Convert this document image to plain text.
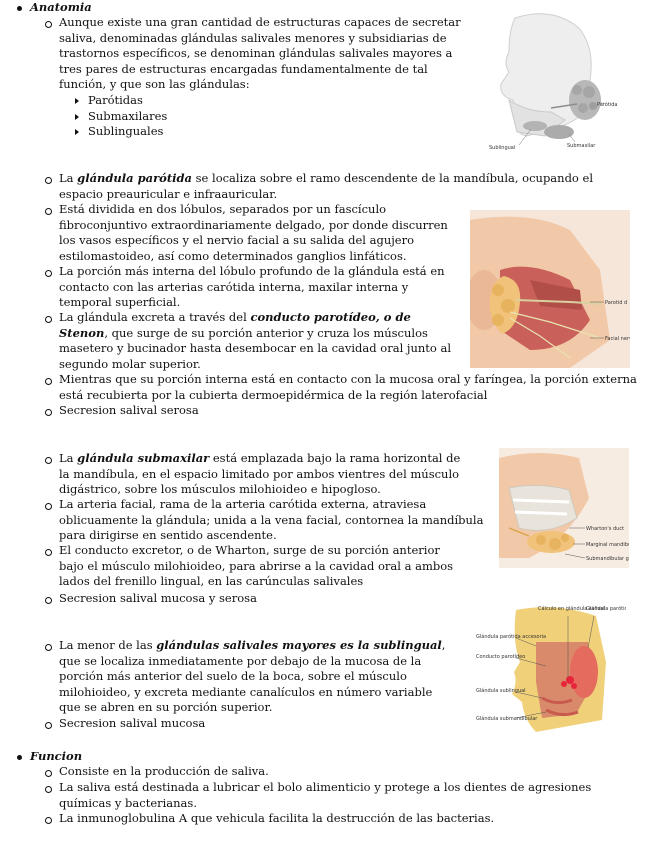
Anatomia
Aunque existe una gran cantidad de estructuras capaces de secretar saliva, denominadas glándulas salivales menores y subsidiarias de trastornos específicos, se denominan glándulas salivales mayores a tres pares de estructuras encargadas fundamentalmente de tal función, y que son las glándulas:
Parótidas
Submaxilares
Sublinguales
Parótida
Submaxilar
Sublingual
La glándula parótida se localiza sobre el ramo descendente de la mandíbula, ocupando el espacio preauricular e infraauricular.
Está dividida en dos lóbulos, separados por un fascículo fibroconjuntivo extraordinariamente delgado, por donde discurren los vasos específicos y el nervio facial a su salida del agujero estilomastoideo, así como determinados ganglios linfáticos.
La porción más interna del lóbulo profundo de la glándula está en contacto con las arterias carótida interna, maxilar interna y temporal superficial.
La glándula excreta a través del conducto parotídeo, o de Stenon, que surge de su porción anterior y cruza los músculos masetero y bucinador hasta desembocar en la cavidad oral junto al segundo molar superior.
Mientras que su porción interna está en contacto con la mucosa oral y faríngea, la porción externa está recubierta por la cubierta dermoepidérmica de la región laterofacial
Secresion salival serosa
Parotid d
Facial nerv
La glándula submaxilar está emplazada bajo la rama horizontal de la mandíbula, en el espacio limitado por ambos vientres del músculo digástrico, sobre los músculos milohioideo e hipogloso.
La arteria facial, rama de la arteria carótida externa, atraviesa oblicuamente la glándula; unida a la vena facial, contornea la mandíbula para dirigirse en sentido ascendente.
El conducto excretor, o de Wharton, surge de su porción anterior bajo el músculo milohioideo, para abrirse a la cavidad oral a ambos lados del frenillo lingual, en las carúnculas salivales
Secresion salival mucosa y serosa
Wharton's duct
Marginal mandib
Submandibular g
La menor de las glándulas salivales mayores es la sublingual, que se localiza inmediatamente por debajo de la mucosa de la porción más anterior del suelo de la boca, sobre el músculo milohioideo, y excreta mediante canalículos en número variable que se abren en su porción superior.
Secresion salival mucosa
Cálculo en glándula salival
Glándula paróti
Glándula parótida accesoria
Conducto parotídeo
Glándula sublingual
Glándula submandibular
Funcion
Consiste en la producción de saliva.
La saliva está destinada a lubricar el bolo alimenticio y protege a los dientes de agresiones químicas y bacterianas.
La inmunoglobulina A que vehicula facilita la destrucción de las bacterias.
